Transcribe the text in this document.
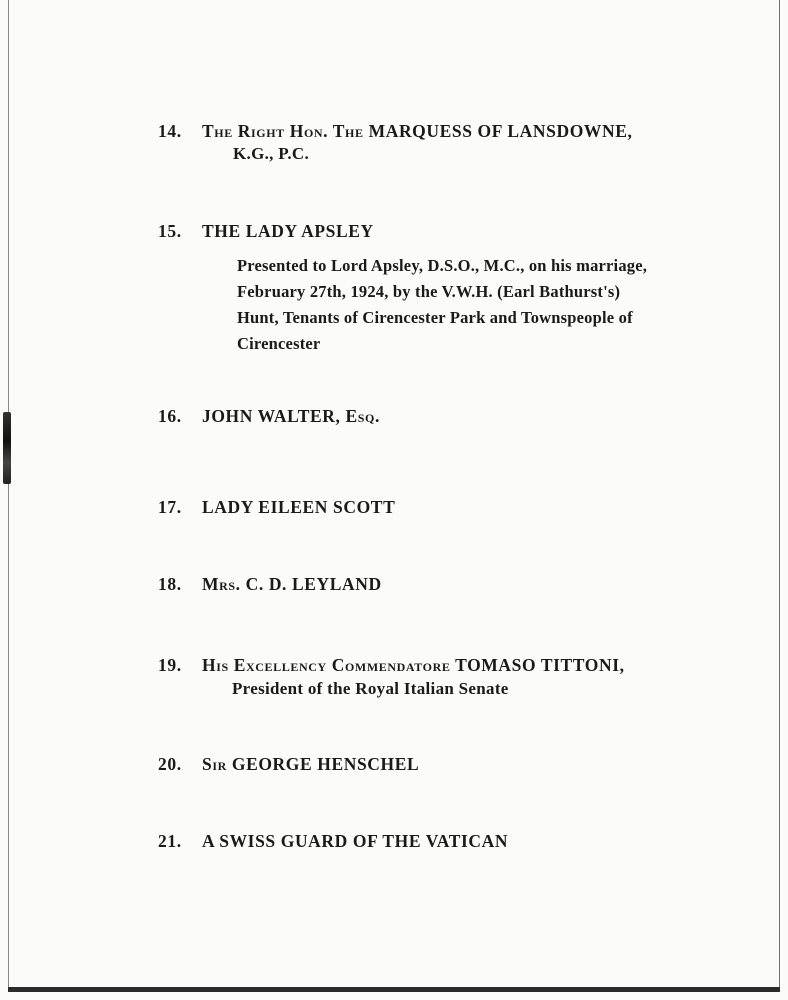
14. The Right Hon. The MARQUESS OF LANSDOWNE,
K.G., P.C.
15. THE LADY APSLEY
Presented to Lord Apsley, D.S.O., M.C., on his marriage,
February 27th, 1924, by the V.W.H. (Earl Bathurst's)
Hunt, Tenants of Cirencester Park and Townspeople of
Cirencester
16. JOHN WALTER, Esq.
17. LADY EILEEN SCOTT
18. Mrs. C. D. LEYLAND
19. His Excellency Commendatore TOMASO TITTONI,
President of the Royal Italian Senate
20. Sir GEORGE HENSCHEL
21. A SWISS GUARD OF THE VATICAN
